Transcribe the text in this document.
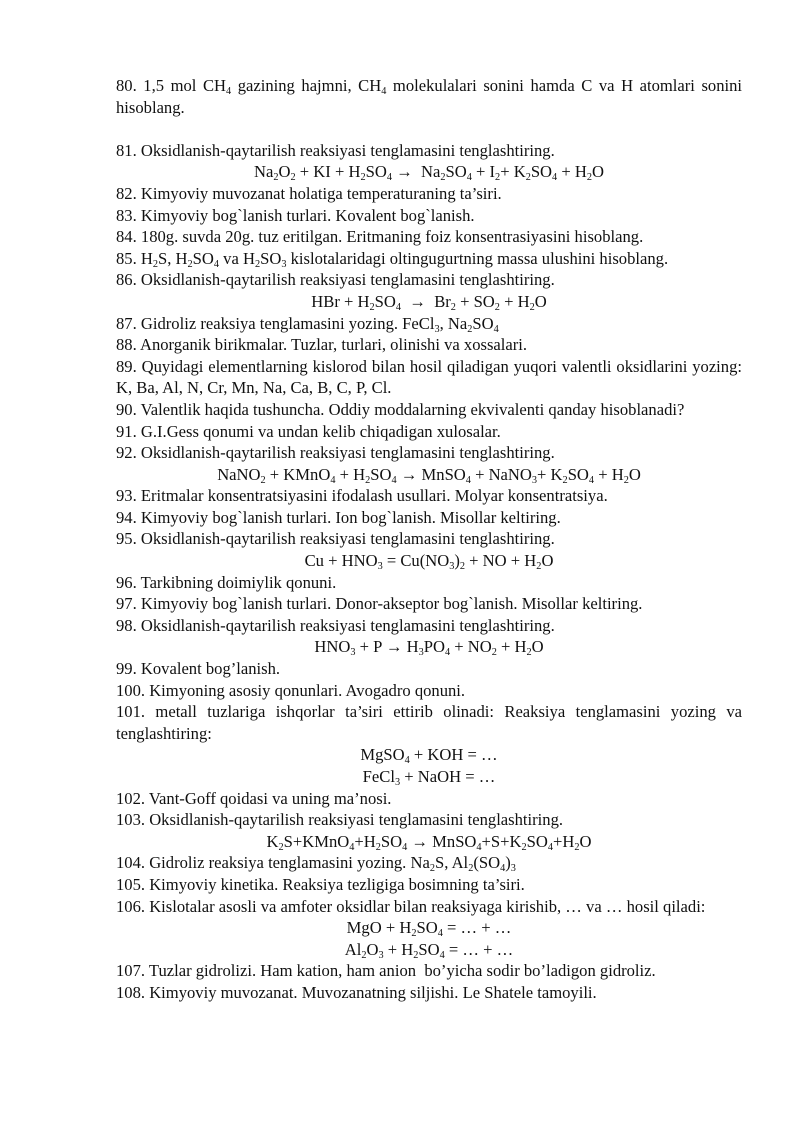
80. 1,5 mol $CH_4$ gazining hajmni, $CH_4$ molekulalari sonini hamda C va H atomlari sonini hisoblang.
81. Oksidlanish-qaytarilish reaksiyasi tenglamasini tenglashtiring.
$Na_2O_2$ + KI + $H_2SO_4 \to Na_2SO_4 + I_2+ K_2SO_4 + H_2O$
82. Kimyoviy muvozanat holatiga temperaturaning ta’siri.
83. Kimyoviy bog`lanish turlari. Kovalent bog`lanish.
84. 180g. suvda 20g. tuz eritilgan. Eritmaning foiz konsentrasiyasini hisoblang.
85. $H_2S$, $H_2SO_4$ va $H_2SO_3$ kislotalaridagi oltingugurtning massa ulushini hisoblang.
86. Oksidlanish-qaytarilish reaksiyasi tenglamasini tenglashtiring.
HBr + $H_2SO_4 \to Br_2 + SO_2 + H_2O$
87. Gidroliz reaksiya tenglamasini yozing. FeCl$_3$, $Na_2SO_4$
88. Anorganik birikmalar. Tuzlar, turlari, olinishi va xossalari.
89. Quyidagi elementlarning kislorod bilan hosil qiladigan yuqori valentli oksidlarini yozing: K, Ba, Al, N, Cr, Mn, Na, Ca, B, C, P, Cl.
90. Valentlik haqida tushuncha. Oddiy moddalarning ekvivalenti qanday hisoblanadi?
91. G.I.Gess qonumi va undan kelib chiqadigan xulosalar.
92. Oksidlanish-qaytarilish reaksiyasi tenglamasini tenglashtiring.
NaNO$_2$ + KMnO$_4$ + $H_2SO_4$ → MnSO$_4$ + NaNO$_3$+ $K_2SO_4 + H_2O$
93. Eritmalar konsentratsiyasini ifodalash usullari. Molyar konsentratsiya.
94. Kimyoviy bog`lanish turlari. Ion bog`lanish. Misollar keltiring.
95. Oksidlanish-qaytarilish reaksiyasi tenglamasini tenglashtiring.
$Cu + HNO_3 = Cu(NO_3)_2$ + NO + $H_2O$
96. Tarkibning doimiylik qonuni.
97. Kimyoviy bog`lanish turlari. Donor-akseptor bog`lanish. Misollar keltiring.
98. Oksidlanish-qaytarilish reaksiyasi tenglamasini tenglashtiring.
$HNO_3 + P \to H_3PO_4 + NO_2 + H_2O$
99. Kovalent bog’lanish.
100. Kimyoning asosiy qonunlari. Avogadro qonuni.
101. metall tuzlariga ishqorlar ta’siri ettirib olinadi: Reaksiya tenglamasini yozing va tenglashtiring:
MgSO$_4$ + KOH = …
FeCl$_3$ + NaOH = …
102. Vant-Goff qoidasi va uning ma’nosi.
103. Oksidlanish-qaytarilish reaksiyasi tenglamasini tenglashtiring.
$K_2S+KMnO_4+H_2SO_4$ → $MnSO_4+S+K_2SO_4+H_2O$
104. Gidroliz reaksiya tenglamasini yozing. $Na_2S$, $Al_2(SO_4)_3$
105. Kimyoviy kinetika. Reaksiya tezligiga bosimning ta’siri.
106. Kislotalar asosli va amfoter oksidlar bilan reaksiyaga kirishib, … va … hosil qiladi:
MgO + $H_2SO_4$ = … + …
$Al_2O_3 + H_2SO_4$ = … + …
107. Tuzlar gidrolizi. Ham kation, ham anion  bo’yicha sodir bo’ladigon gidroliz.
108. Kimyoviy muvozanat. Muvozanatning siljishi. Le Shatele tamoyili.
